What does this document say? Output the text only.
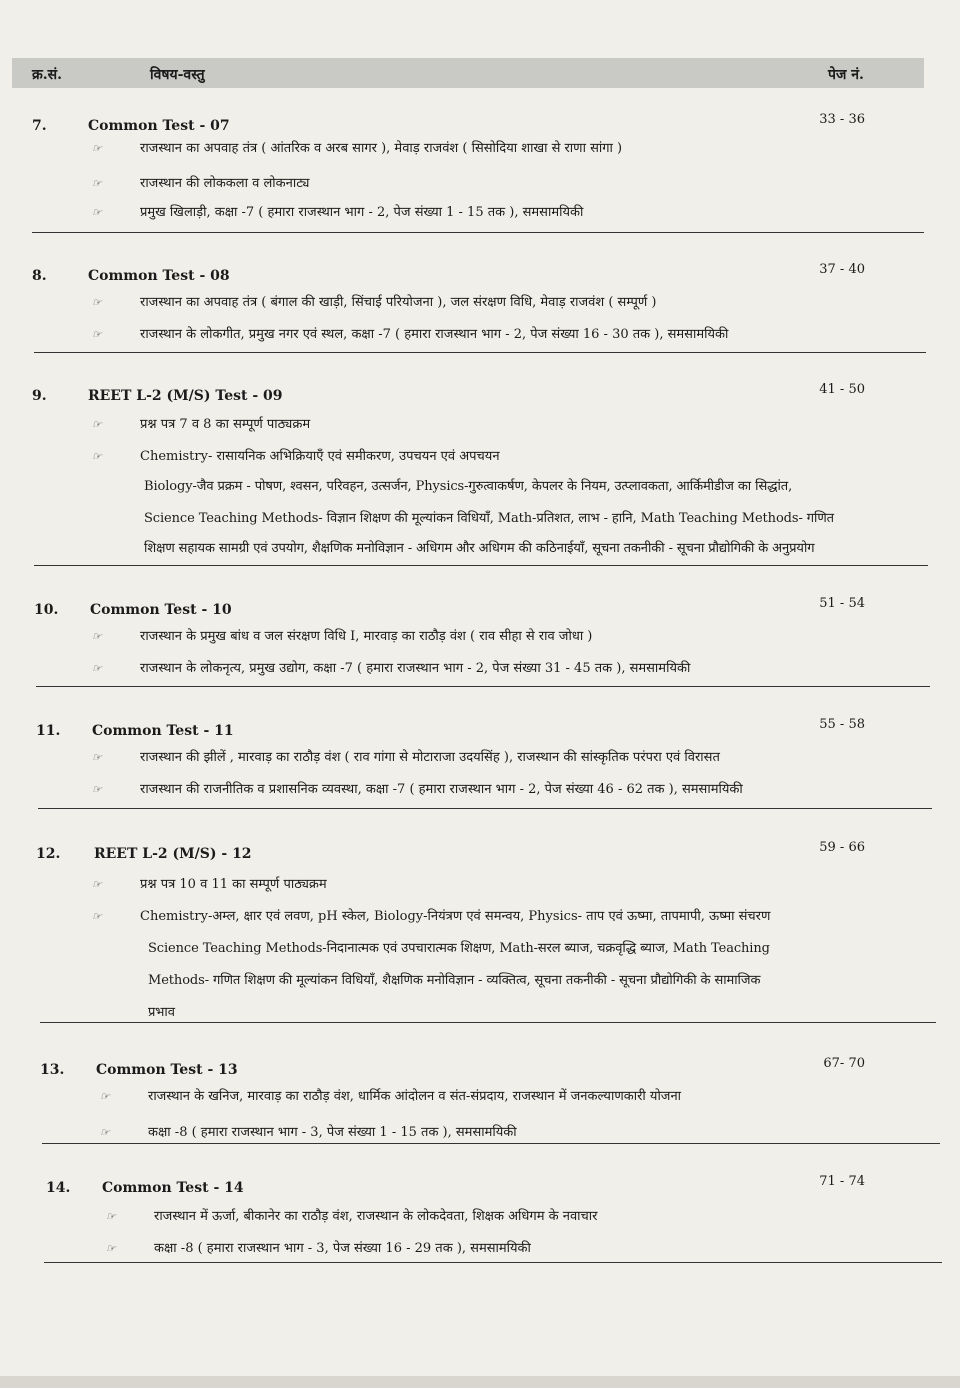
क्र.सं.	विषय-वस्तु	पेज नं.
7.	Common Test - 07	33 - 36
☞	राजस्थान का अपवाह तंत्र ( आंतरिक व अरब सागर ), मेवाड़ राजवंश ( सिसोदिया शाखा से राणा सांगा )
☞	राजस्थान की लोककला व लोकनाट्य
☞	प्रमुख खिलाड़ी, कक्षा -7 ( हमारा राजस्थान भाग - 2, पेज संख्या 1 - 15 तक ), समसामयिकी
8.	Common Test - 08	37 - 40
☞	राजस्थान का अपवाह तंत्र ( बंगाल की खाड़ी, सिंचाई परियोजना ), जल संरक्षण विधि, मेवाड़ राजवंश ( सम्पूर्ण )
☞	राजस्थान के लोकगीत, प्रमुख नगर एवं स्थल, कक्षा -7 ( हमारा राजस्थान भाग - 2, पेज संख्या 16 - 30 तक ), समसामयिकी
9.	REET L-2 (M/S) Test - 09	41 - 50
☞	प्रश्न पत्र 7 व 8 का सम्पूर्ण पाठ्यक्रम
☞	Chemistry- रासायनिक अभिक्रियाएँ एवं समीकरण, उपचयन एवं अपचयन
Biology-जैव प्रक्रम - पोषण, श्वसन, परिवहन, उत्सर्जन, Physics-गुरुत्वाकर्षण, केपलर के नियम, उत्प्लावकता, आर्किमीडीज का सिद्धांत,
Science Teaching Methods- विज्ञान शिक्षण की मूल्यांकन विधियाँ, Math-प्रतिशत, लाभ - हानि, Math Teaching Methods- गणित
शिक्षण सहायक सामग्री एवं उपयोग, शैक्षणिक मनोविज्ञान - अधिगम और अधिगम की कठिनाईयाँ, सूचना तकनीकी - सूचना प्रौद्योगिकी के अनुप्रयोग
10. Common Test - 10	51 - 54
☞	राजस्थान के प्रमुख बांध व जल संरक्षण विधि I, मारवाड़ का राठौड़ वंश ( राव सीहा से राव जोधा )
☞	राजस्थान के लोकनृत्य, प्रमुख उद्योग, कक्षा -7 ( हमारा राजस्थान भाग - 2, पेज संख्या 31 - 45 तक ), समसामयिकी
11. Common Test - 11	55 - 58
☞	राजस्थान की झीलें , मारवाड़ का राठौड़ वंश ( राव गांगा से मोटाराजा उदयसिंह ), राजस्थान की सांस्कृतिक परंपरा एवं विरासत
☞	राजस्थान की राजनीतिक व प्रशासनिक व्यवस्था, कक्षा -7 ( हमारा राजस्थान भाग - 2, पेज संख्या 46 - 62 तक ), समसामयिकी
12. REET L-2 (M/S) - 12	59 - 66
☞	प्रश्न पत्र 10 व 11 का सम्पूर्ण पाठ्यक्रम
☞	Chemistry-अम्ल, क्षार एवं लवण, pH स्केल, Biology-नियंत्रण एवं समन्वय, Physics- ताप एवं ऊष्मा, तापमापी, ऊष्मा संचरण
Science Teaching Methods-निदानात्मक एवं उपचारात्मक शिक्षण, Math-सरल ब्याज, चक्रवृद्धि ब्याज, Math Teaching
Methods- गणित शिक्षण की मूल्यांकन विधियाँ, शैक्षणिक मनोविज्ञान - व्यक्तित्व, सूचना तकनीकी - सूचना प्रौद्योगिकी के सामाजिक
प्रभाव
13. Common Test - 13	67- 70
☞	राजस्थान के खनिज, मारवाड़ का राठौड़ वंश, धार्मिक आंदोलन व संत-संप्रदाय, राजस्थान में जनकल्याणकारी योजना
☞	कक्षा -8 ( हमारा राजस्थान भाग - 3, पेज संख्या 1 - 15 तक ), समसामयिकी
14. Common Test - 14	71 - 74
☞	राजस्थान में ऊर्जा, बीकानेर का राठौड़ वंश, राजस्थान के लोकदेवता, शिक्षक अधिगम के नवाचार
☞	कक्षा -8 ( हमारा राजस्थान भाग - 3, पेज संख्या 16 - 29 तक ), समसामयिकी
